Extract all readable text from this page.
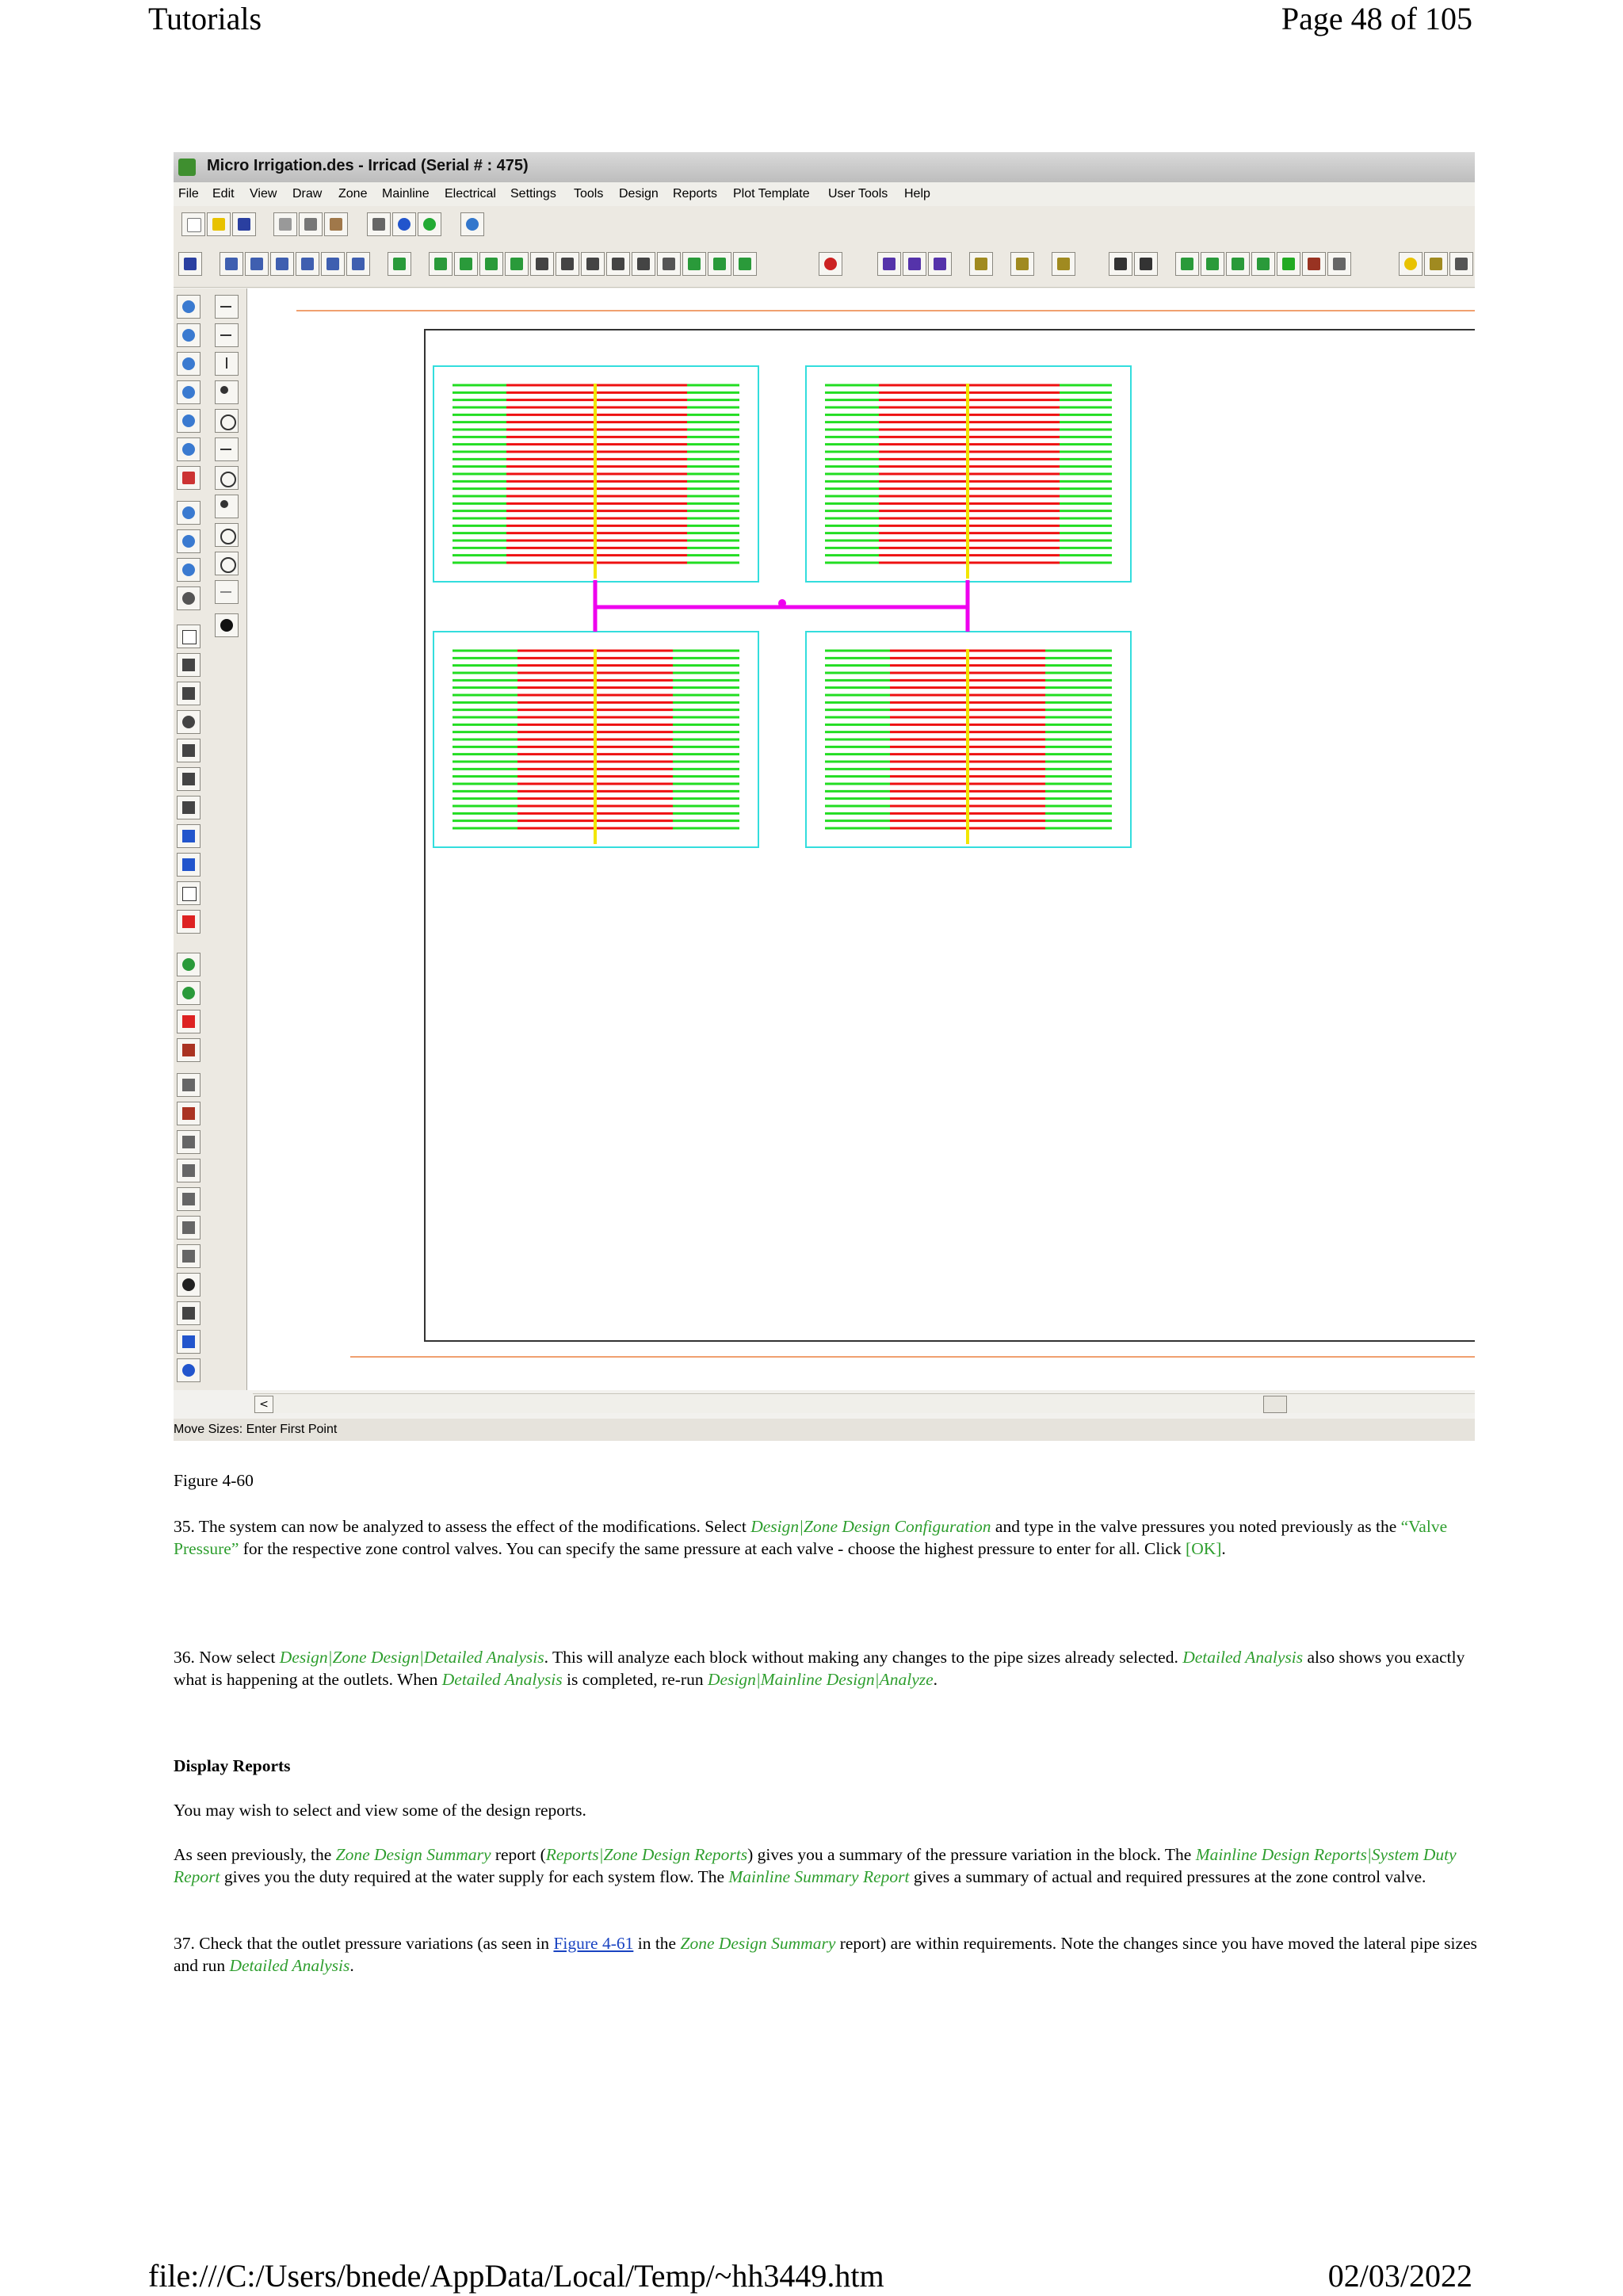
Tutorials	Page 48 of 105
Micro Irrigation.des - Irricad (Serial # : 475)
File Edit View Draw Zone Mainline Electrical Settings Tools Design Reports Plot Template User Tools Help
<
Move Sizes: Enter First Point
Figure 4-60
35. The system can now be analyzed to assess the effect of the modifications. Select Design|Zone Design Configuration and type in the valve pressures you noted previously as the “Valve Pressure” for the respective zone control valves. You can specify the same pressure at each valve - choose the highest pressure to enter for all. Click [OK].
36. Now select Design|Zone Design|Detailed Analysis. This will analyze each block without making any changes to the pipe sizes already selected. Detailed Analysis also shows you exactly what is happening at the outlets. When Detailed Analysis is completed, re-run Design|Mainline Design|Analyze.
Display Reports
You may wish to select and view some of the design reports.
As seen previously, the Zone Design Summary report (Reports|Zone Design Reports) gives you a summary of the pressure variation in the block. The Mainline Design Reports|System Duty Report gives you the duty required at the water supply for each system flow. The Mainline Summary Report gives a summary of actual and required pressures at the zone control valve.
37. Check that the outlet pressure variations (as seen in Figure 4-61 in the Zone Design Summary report) are within requirements. Note the changes since you have moved the lateral pipe sizes and run Detailed Analysis.
file:///C:/Users/bnede/AppData/Local/Temp/~hh3449.htm	02/03/2022
